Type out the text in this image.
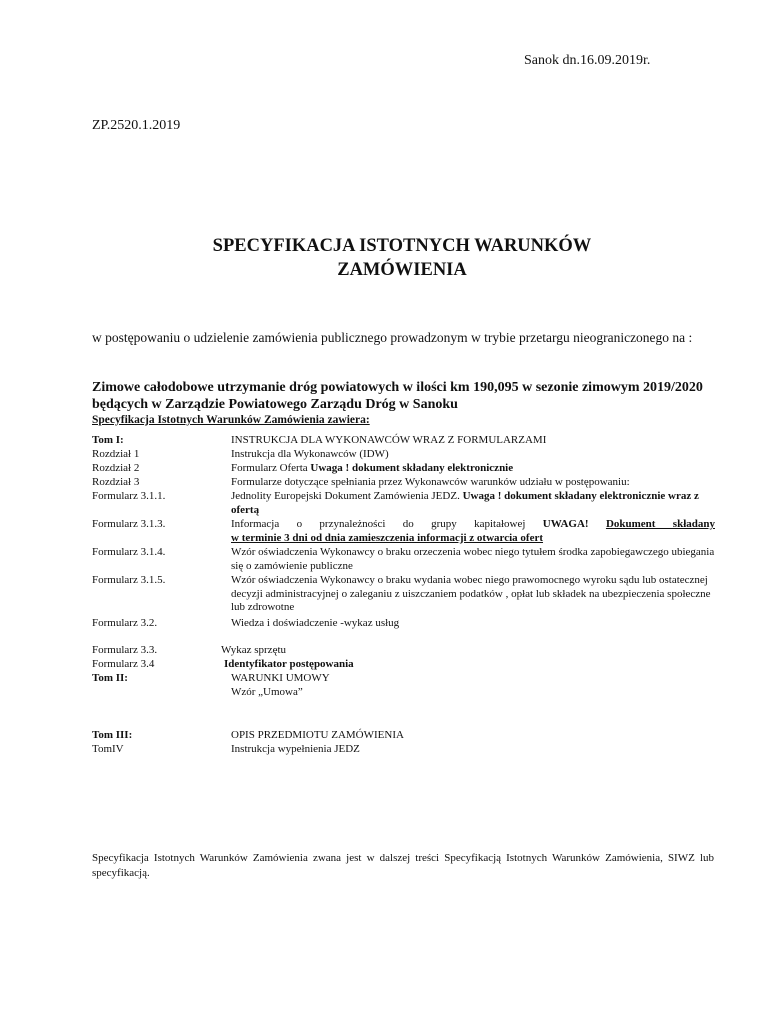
Sanok dn.16.09.2019r.
ZP.2520.1.2019
SPECYFIKACJA ISTOTNYCH WARUNKÓW
ZAMÓWIENIA
w postępowaniu o udzielenie zamówienia publicznego prowadzonym w trybie przetargu nieograniczonego na :
Zimowe całodobowe utrzymanie dróg powiatowych w ilości km 190,095 w sezonie zimowym 2019/2020 będących w Zarządzie Powiatowego Zarządu Dróg w Sanoku
Specyfikacja Istotnych Warunków Zamówienia zawiera:
Tom I:	INSTRUKCJA DLA WYKONAWCÓW WRAZ Z FORMULARZAMI
Rozdział 1	Instrukcja dla Wykonawców (IDW)
Rozdział 2	Formularz Oferta Uwaga ! dokument składany elektronicznie
Rozdział 3	Formularze dotyczące spełniania przez Wykonawców warunków udziału w postępowaniu:
Formularz 3.1.1.	Jednolity Europejski Dokument Zamówienia JEDZ. Uwaga ! dokument składany elektronicznie wraz z ofertą
Formularz 3.1.3.	Informacja o przynależności do grupy kapitałowej UWAGA! Dokument składany
w terminie 3 dni od dnia zamieszczenia informacji z otwarcia ofert
Formularz 3.1.4.	Wzór oświadczenia Wykonawcy o braku orzeczenia wobec niego tytułem środka zapobiegawczego ubiegania się o zamówienie publiczne
Formularz 3.1.5.	Wzór oświadczenia Wykonawcy o braku wydania wobec niego prawomocnego wyroku sądu lub ostatecznej decyzji administracyjnej o zaleganiu z uiszczaniem podatków , opłat lub składek na ubezpieczenia społeczne lub zdrowotne
Formularz 3.2.	Wiedza i doświadczenie -wykaz usług
Formularz 3.3.	Wykaz sprzętu
Formularz 3.4	Identyfikator postępowania
Tom II:	WARUNKI UMOWY
Wzór „Umowa”
Tom III:	OPIS PRZEDMIOTU ZAMÓWIENIA
TomIV	Instrukcja wypełnienia JEDZ
Specyfikacja Istotnych Warunków Zamówienia zwana jest w dalszej treści Specyfikacją Istotnych Warunków Zamówienia, SIWZ lub specyfikacją.
